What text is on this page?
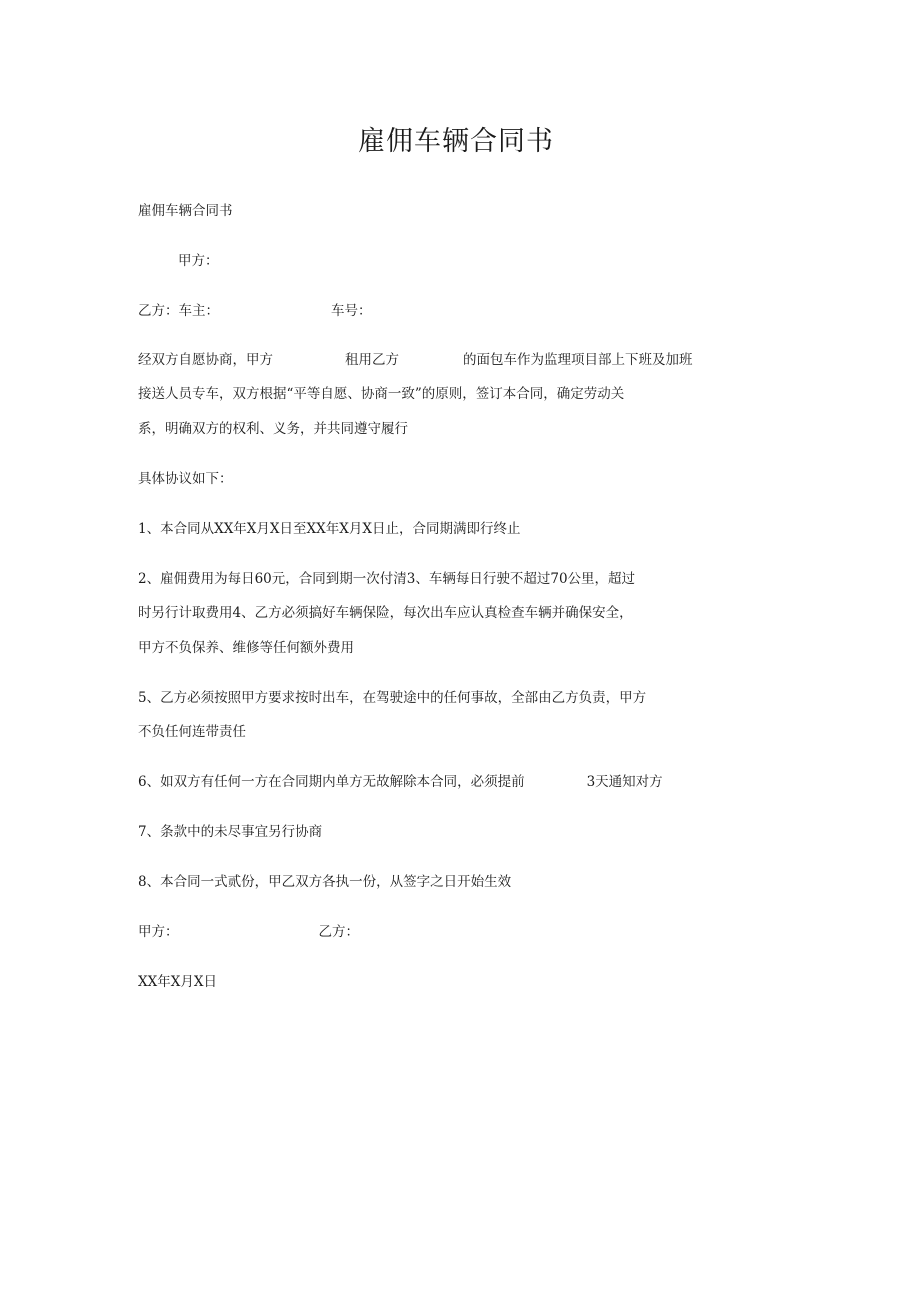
雇佣车辆合同书
雇佣车辆合同书
甲方：
乙方：车主：	车号：
经双方自愿协商，甲方	租用乙方	的面包车作为监理项目部上下班及加班
接送人员专车，双方根据“平等自愿、协商一致”的原则，签订本合同，确定劳动关
系，明确双方的权利、义务，并共同遵守履行
具体协议如下：
1、本合同从XX年X月X日至XX年X月X日止，合同期满即行终止
2、雇佣费用为每日60元，合同到期一次付清3、车辆每日行驶不超过70公里，超过
时另行计取费用4、乙方必须搞好车辆保险，每次出车应认真检查车辆并确保安全，
甲方不负保养、维修等任何额外费用
5、乙方必须按照甲方要求按时出车，在驾驶途中的任何事故，全部由乙方负责，甲方
不负任何连带责任
6、如双方有任何一方在合同期内单方无故解除本合同，必须提前	3天通知对方
7、条款中的未尽事宜另行协商
8、本合同一式贰份，甲乙双方各执一份，从签字之日开始生效
甲方：	乙方：
XX年X月X日
